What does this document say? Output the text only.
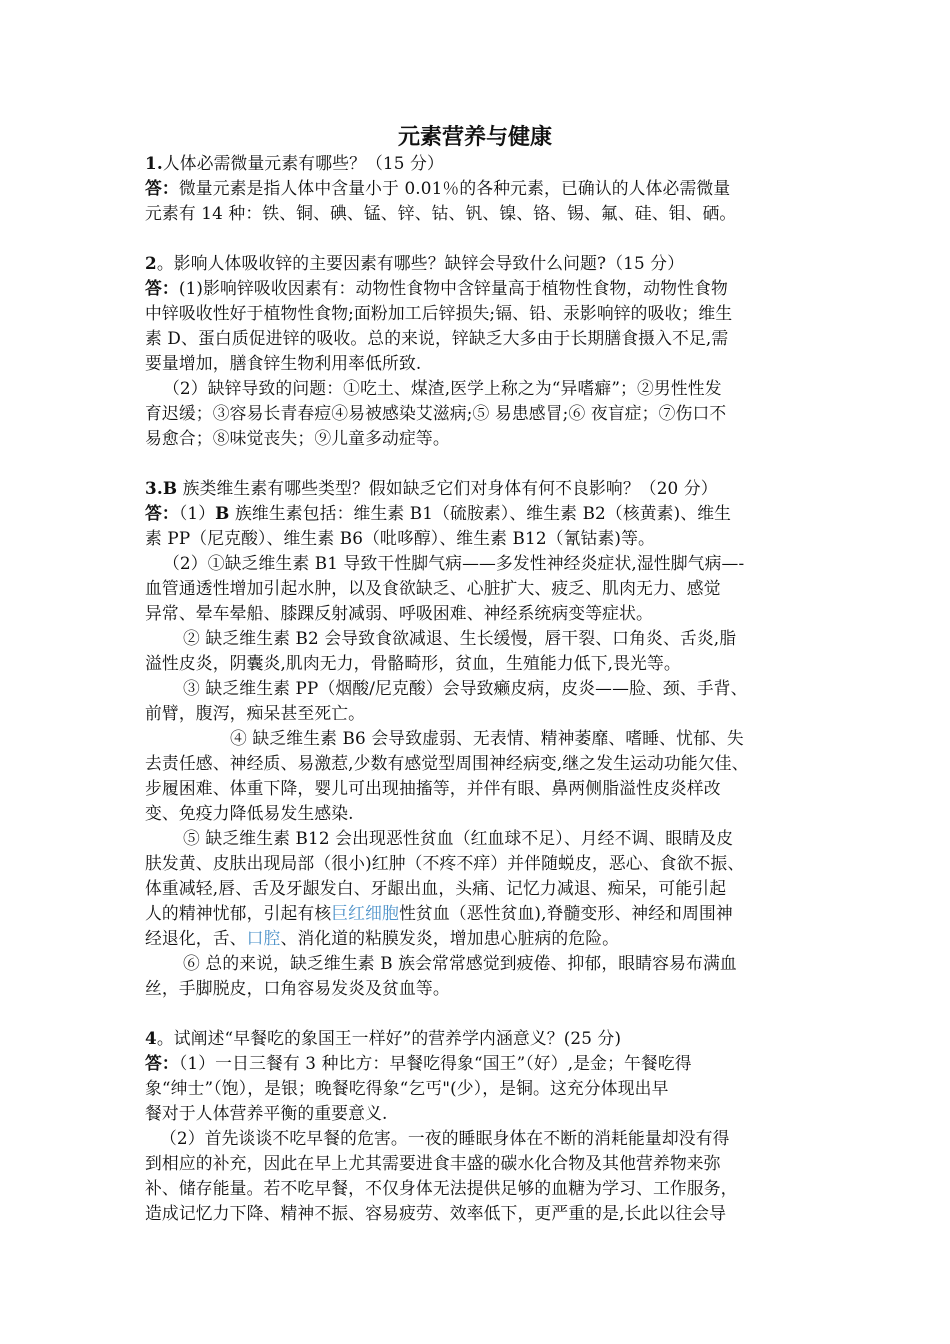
元素营养与健康
1.人体必需微量元素有哪些？（15 分）
答：微量元素是指人体中含量小于 0.01％的各种元素，已确认的人体必需微量
元素有 14 种：铁、铜、碘、锰、锌、钴、钒、镍、铬、锡、氟、硅、钼、硒。
2。影响人体吸收锌的主要因素有哪些？缺锌会导致什么问题?（15 分）
答：(1)影响锌吸收因素有：动物性食物中含锌量高于植物性食物，动物性食物
中锌吸收性好于植物性食物;面粉加工后锌损失;镉、铅、汞影响锌的吸收；维生
素 D、蛋白质促进锌的吸收。总的来说，锌缺乏大多由于长期膳食摄入不足,需
要量增加，膳食锌生物利用率低所致.
（2）缺锌导致的问题：①吃土、煤渣,医学上称之为“异嗜癖”；②男性性发
育迟缓；③容易长青春痘④易被感染艾滋病;⑤ 易患感冒;⑥ 夜盲症；⑦伤口不
易愈合；⑧味觉丧失；⑨儿童多动症等。
3.B 族类维生素有哪些类型？假如缺乏它们对身体有何不良影响？（20 分）
答：（1）B 族维生素包括：维生素 B1（硫胺素）、维生素 B2（核黄素)、维生
素 PP（尼克酸）、维生素 B6（吡哆醇）、维生素 B12（氰钴素)等。
（2）①缺乏维生素 B1 导致干性脚气病——多发性神经炎症状,湿性脚气病—-
血管通透性增加引起水肿，以及食欲缺乏、心脏扩大、疲乏、肌肉无力、感觉
异常、晕车晕船、膝踝反射减弱、呼吸困难、神经系统病变等症状。
② 缺乏维生素 B2 会导致食欲减退、生长缓慢，唇干裂、口角炎、舌炎,脂
溢性皮炎，阴囊炎,肌肉无力，骨骼畸形，贫血，生殖能力低下,畏光等。
③ 缺乏维生素 PP（烟酸/尼克酸）会导致癞皮病，皮炎——脸、颈、手背、
前臂，腹泻，痴呆甚至死亡。
④ 缺乏维生素 B6 会导致虚弱、无表情、精神萎靡、嗜睡、忧郁、失
去责任感、神经质、易激惹,少数有感觉型周围神经病变,继之发生运动功能欠佳、
步履困难、体重下降，婴儿可出现抽搐等，并伴有眼、鼻两侧脂溢性皮炎样改
变、免疫力降低易发生感染.
⑤ 缺乏维生素 B12 会出现恶性贫血（红血球不足）、月经不调、眼睛及皮
肤发黄、皮肤出现局部（很小)红肿（不疼不痒）并伴随蜕皮，恶心、食欲不振、
体重减轻,唇、舌及牙龈发白、牙龈出血，头痛、记忆力减退、痴呆，可能引起
人的精神忧郁，引起有核巨红细胞性贫血（恶性贫血),脊髓变形、神经和周围神
经退化，舌、口腔、消化道的粘膜发炎，增加患心脏病的危险。
⑥ 总的来说，缺乏维生素 B 族会常常感觉到疲倦、抑郁，眼睛容易布满血
丝，手脚脱皮，口角容易发炎及贫血等。
4。试阐述“早餐吃的象国王一样好”的营养学内涵意义？(25 分)
答：（1）一日三餐有 3 种比方：早餐吃得象“国王”（好）,是金；午餐吃得
象“绅士”（饱），是银；晚餐吃得象“乞丐"(少），是铜。这充分体现出早
餐对于人体营养平衡的重要意义.
（2）首先谈谈不吃早餐的危害。一夜的睡眠身体在不断的消耗能量却没有得
到相应的补充，因此在早上尤其需要进食丰盛的碳水化合物及其他营养物来弥
补、储存能量。若不吃早餐，不仅身体无法提供足够的血糖为学习、工作服务，
造成记忆力下降、精神不振、容易疲劳、效率低下，更严重的是,长此以往会导
